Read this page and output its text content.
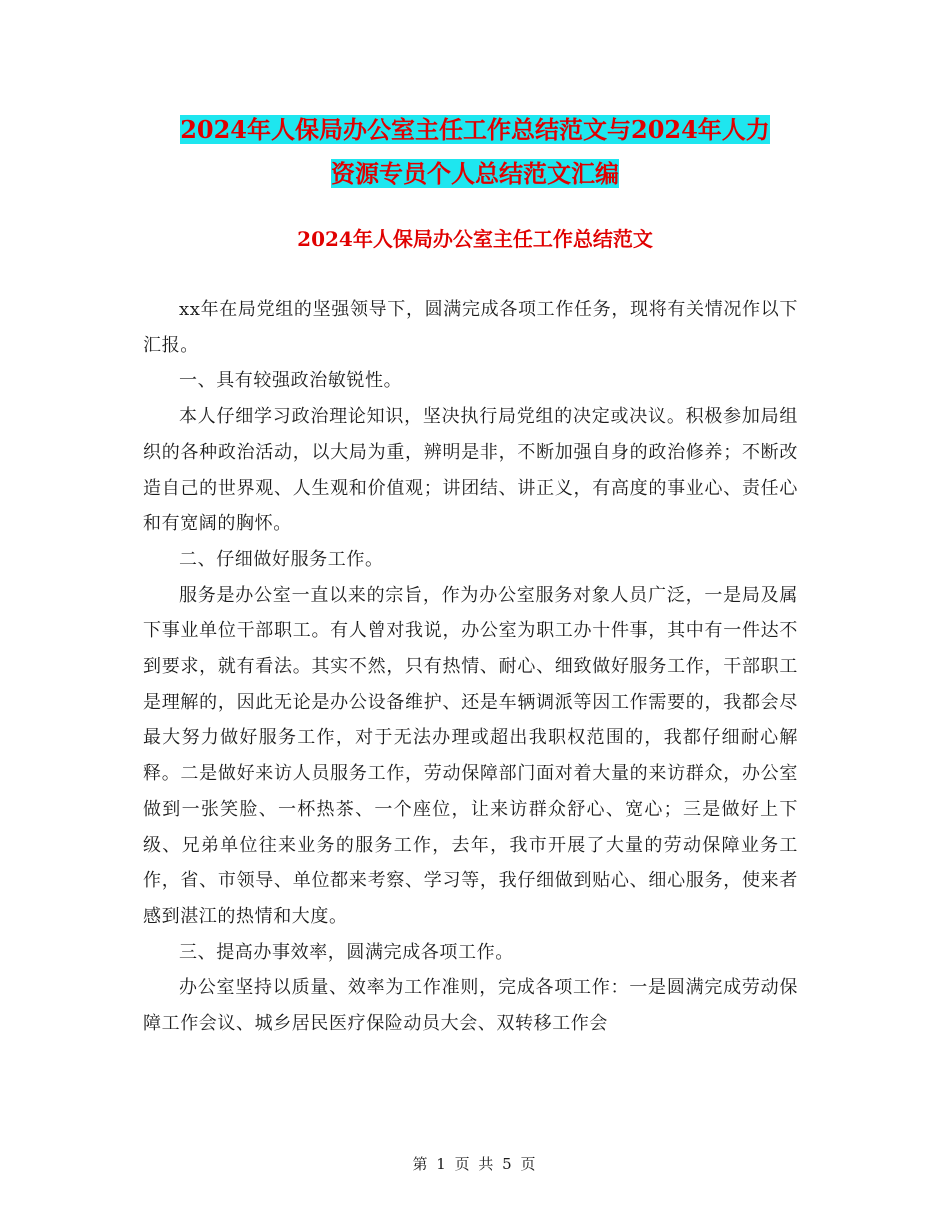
2024年人保局办公室主任工作总结范文与2024年人力
资源专员个人总结范文汇编
2024年人保局办公室主任工作总结范文

xx年在局党组的坚强领导下，圆满完成各项工作任务，现将有关情况作以下汇报。

一、具有较强政治敏锐性。

本人仔细学习政治理论知识，坚决执行局党组的决定或决议。积极参加局组织的各种政治活动，以大局为重，辨明是非，不断加强自身的政治修养；不断改造自己的世界观、人生观和价值观；讲团结、讲正义，有高度的事业心、责任心和有宽阔的胸怀。

二、仔细做好服务工作。

服务是办公室一直以来的宗旨，作为办公室服务对象人员广泛，一是局及属下事业单位干部职工。有人曾对我说，办公室为职工办十件事，其中有一件达不到要求，就有看法。其实不然，只有热情、耐心、细致做好服务工作，干部职工是理解的，因此无论是办公设备维护、还是车辆调派等因工作需要的，我都会尽最大努力做好服务工作，对于无法办理或超出我职权范围的，我都仔细耐心解释。二是做好来访人员服务工作，劳动保障部门面对着大量的来访群众，办公室做到一张笑脸、一杯热茶、一个座位，让来访群众舒心、宽心；三是做好上下级、兄弟单位往来业务的服务工作，去年，我市开展了大量的劳动保障业务工作，省、市领导、单位都来考察、学习等，我仔细做到贴心、细心服务，使来者感到湛江的热情和大度。

三、提高办事效率，圆满完成各项工作。

办公室坚持以质量、效率为工作准则，完成各项工作：一是圆满完成劳动保障工作会议、城乡居民医疗保险动员大会、双转移工作会

第 1 页 共 5 页
